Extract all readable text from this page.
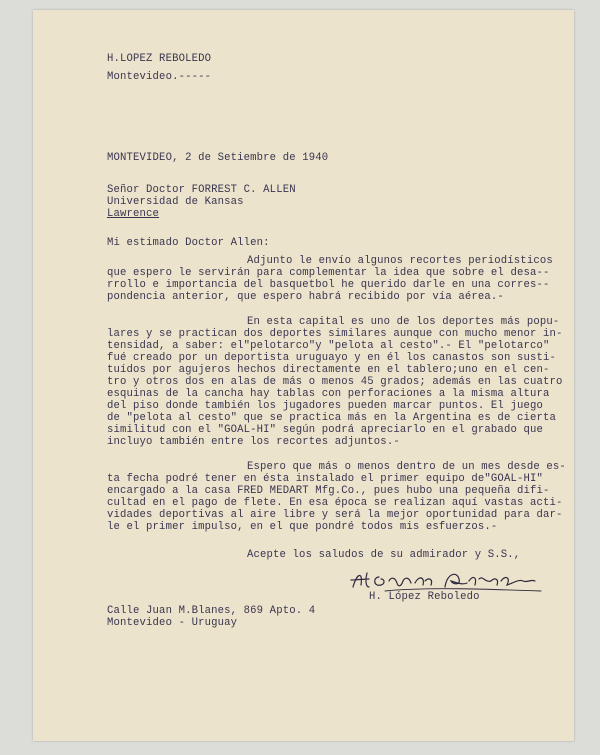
H.LOPEZ REBOLEDO
Montevideo.-----
MONTEVIDEO, 2 de Setiembre de 1940
Señor Doctor FORREST C. ALLEN
Universidad de Kansas
Lawrence
Mi estimado Doctor Allen:
Adjunto le envío algunos recortes periodísticos
que espero le servirán para complementar la idea que sobre el desa--
rrollo e importancia del basquetbol he querido darle en una corres--
pondencia anterior, que espero habrá recibido por vía aérea.-
En esta capital es uno de los deportes más popu-
lares y se practican dos deportes similares aunque con mucho menor in-
tensidad, a saber: el"pelotarco"y "pelota al cesto".- El "pelotarco"
fué creado por un deportista uruguayo y en él los canastos son susti-
tuídos por agujeros hechos directamente en el tablero;uno en el cen-
tro y otros dos en alas de más o menos 45 grados; además en las cuatro
esquinas de la cancha hay tablas con perforaciones a la misma altura
del piso donde también los jugadores pueden marcar puntos. El juego
de "pelota al cesto" que se practica más en la Argentina es de cierta
similitud con el "GOAL-HI" según podrá apreciarlo en el grabado que
incluyo también entre los recortes adjuntos.-
Espero que más o menos dentro de un mes desde es-
ta fecha podré tener en ésta instalado el primer equipo de"GOAL-HI"
encargado a la casa FRED MEDART Mfg.Co., pues hubo una pequeña difi-
cultad en el pago de flete. En esa época se realizan aquí vastas acti-
vidades deportivas al aire libre y será la mejor oportunidad para dar-
le el primer impulso, en el que pondré todos mis esfuerzos.-
Acepte los saludos de su admirador y S.S.,
H. López Reboledo
Calle Juan M.Blanes, 869 Apto. 4
Montevideo - Uruguay
